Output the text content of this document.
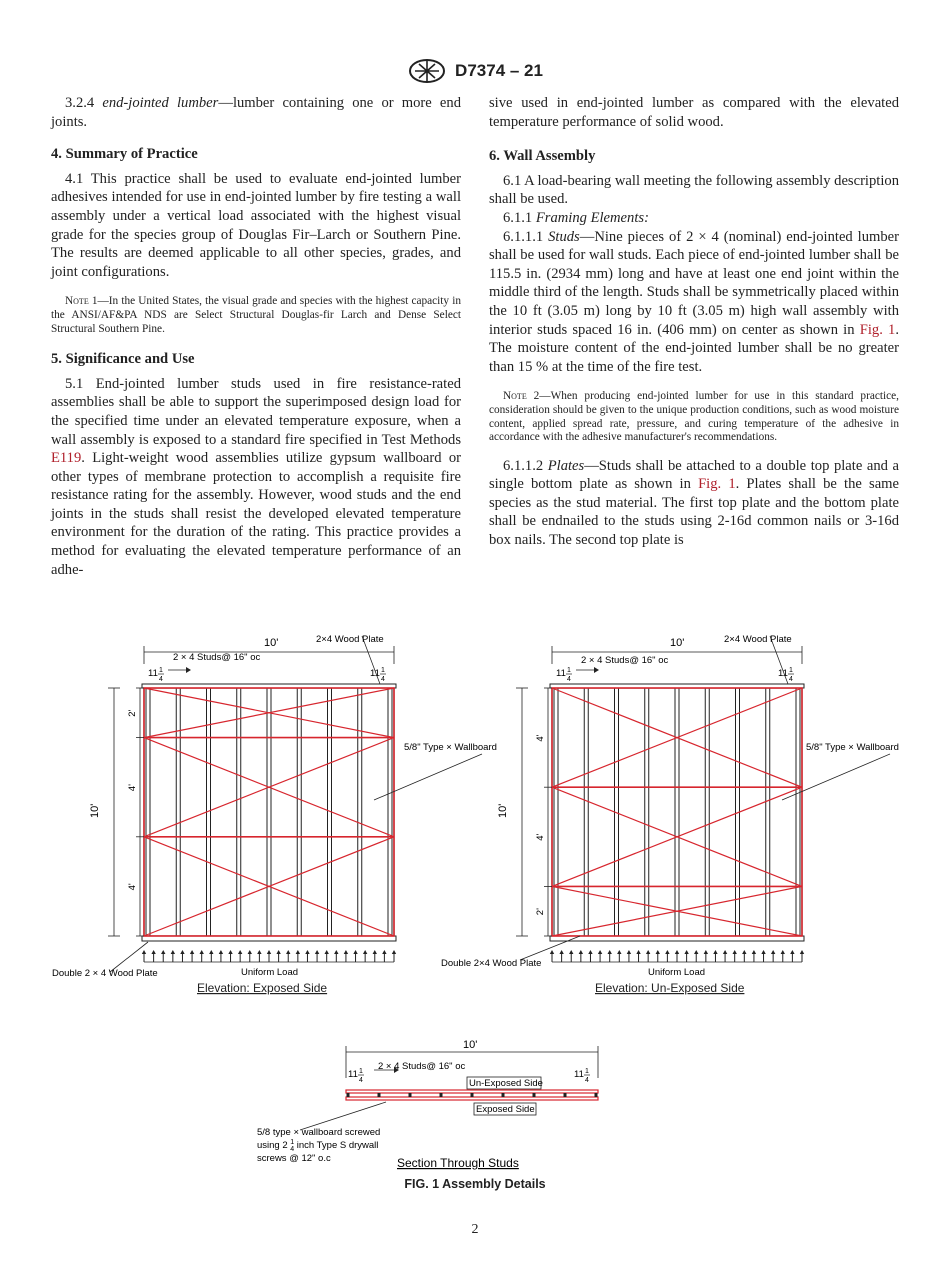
D7374 – 21

3.2.4 end-jointed lumber—lumber containing one or more end joints.

4. Summary of Practice

4.1 This practice shall be used to evaluate end-jointed lumber adhesives intended for use in end-jointed lumber by fire testing a wall assembly under a vertical load associated with the highest visual grade for the species group of Douglas Fir–Larch or Southern Pine. The results are deemed applicable to all other species, grades, and joint configurations.

Note 1—In the United States, the visual grade and species with the highest capacity in the ANSI/AF&PA NDS are Select Structural Douglas-fir Larch and Dense Select Structural Southern Pine.

5. Significance and Use

5.1 End-jointed lumber studs used in fire resistance-rated assemblies shall be able to support the superimposed design load for the specified time under an elevated temperature exposure, when a wall assembly is exposed to a standard fire specified in Test Methods E119. Light-weight wood assemblies utilize gypsum wallboard or other types of membrane protection to accomplish a requisite fire resistance rating for the assembly. However, wood studs and the end joints in the studs shall resist the developed elevated temperature environment for the duration of the rating. This practice provides a method for evaluating the elevated temperature performance of an adhe-

sive used in end-jointed lumber as compared with the elevated temperature performance of solid wood.

6. Wall Assembly

6.1 A load-bearing wall meeting the following assembly description shall be used.

6.1.1 Framing Elements:

6.1.1.1 Studs—Nine pieces of 2 × 4 (nominal) end-jointed lumber shall be used for wall studs. Each piece of end-jointed lumber shall be 115.5 in. (2934 mm) long and have at least one end joint within the middle third of the length. Studs shall be symmetrically placed within the 10 ft (3.05 m) long by 10 ft (3.05 m) high wall assembly with interior studs spaced 16 in. (406 mm) on center as shown in Fig. 1. The moisture content of the end-jointed lumber shall be no greater than 15 % at the time of the fire test.

Note 2—When producing end-jointed lumber for use in this standard practice, consideration should be given to the unique production conditions, such as wood moisture content, applied spread rate, pressure, and curing temperature of the adhesive in accordance with the adhesive manufacturer's recommendations.

6.1.1.2 Plates—Studs shall be attached to a double top plate and a single bottom plate as shown in Fig. 1. Plates shall be the same species as the stud material. The first top plate and the bottom plate shall be endnailed to the studs using 2-16d common nails or 3-16d box nails. The second top plate is

11 1
4
11 1
4
10'
2'
4'
4'
11 1
4
11 1
4
10'
4'
4'
2'
11 1
4
11 1
4
10'	2×4 Wood Plate
2 × 4 Studs@ 16" oc
5/8" Type × Wallboard
Double 2 × 4 Wood Plate	Uniform Load
Elevation: Exposed Side
10'	2×4 Wood Plate
2 × 4 Studs@ 16" oc
5/8" Type × Wallboard
Double 2×4 Wood Plate
Uniform Load
Elevation: Un-Exposed Side
10'
2 × 4 Studs@ 16" oc
Un-Exposed Side
Exposed Side
5/8 type × wallboard screwed
using 2 $^1$ 4 inch Type S drywall
screws @ 12" o.c	Section Through Studs
FIG. 1 Assembly Details
2
